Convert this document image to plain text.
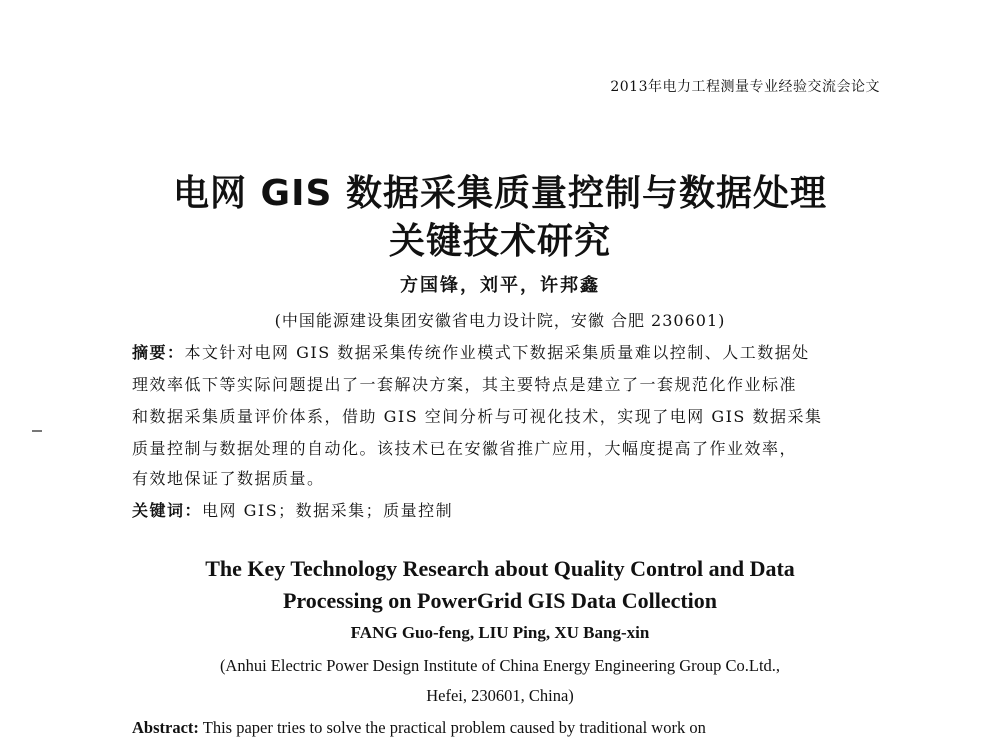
2013年电力工程测量专业经验交流会论文
电网 GIS 数据采集质量控制与数据处理
关键技术研究
方国锋，刘平，许邦鑫
(中国能源建设集团安徽省电力设计院，安徽 合肥 230601)
摘要：本文针对电网 GIS 数据采集传统作业模式下数据采集质量难以控制、人工数据处
理效率低下等实际问题提出了一套解决方案，其主要特点是建立了一套规范化作业标准
和数据采集质量评价体系，借助 GIS 空间分析与可视化技术，实现了电网 GIS 数据采集
质量控制与数据处理的自动化。该技术已在安徽省推广应用，大幅度提高了作业效率，
有效地保证了数据质量。
关键词：电网 GIS；数据采集；质量控制
The Key Technology Research about Quality Control and Data
Processing on PowerGrid GIS Data Collection
FANG Guo-feng, LIU Ping, XU Bang-xin
(Anhui Electric Power Design Institute of China Energy Engineering Group Co.Ltd.,
Hefei, 230601, China)
Abstract: This paper tries to solve the practical problem caused by traditional work on
